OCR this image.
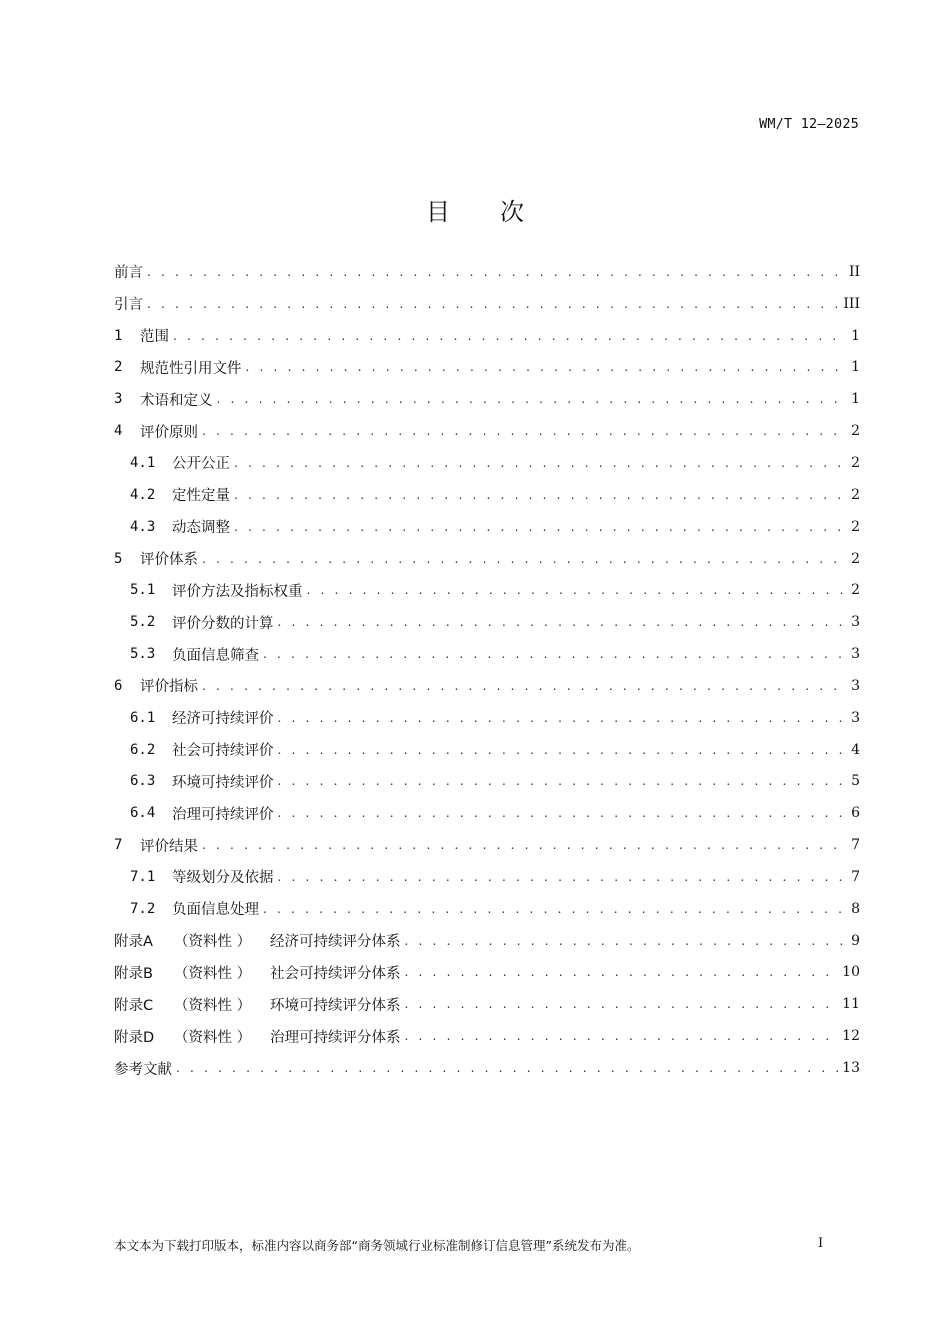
WM/T 12—2025
目次
前言 . . .	II
引言 . . .	III
1	范围 . . .	1
2	规范性引用文件 . . .	1
3	术语和定义 . . .	1
4	评价原则 . . .	2
4.1	公开公正 . . .	2
4.2	定性定量 . . .	2
4.3	动态调整 . . .	2
5	评价体系 . . .	2
5.1	评价方法及指标权重 . . .	2
5.2	评价分数的计算 . . .	3
5.3	负面信息筛查 . . .	3
6	评价指标 . . .	3
6.1	经济可持续评价 . . .	3
6.2	社会可持续评价 . . .	4
6.3	环境可持续评价 . . .	5
6.4	治理可持续评价 . . .	6
7	评价结果 . . .	7
7.1	等级划分及依据 . . .	7
7.2	负面信息处理 . . .	8
附录A	（资料性 ）	经济可持续评分体系 . . .	9
附录B	（资料性 ）	社会可持续评分体系 . . .	10
附录C	（资料性 ）	环境可持续评分体系 . . .	11
附录D	（资料性 ）	治理可持续评分体系 . . .	12
参考文献 . . .	13
本文本为下载打印版本，标准内容以商务部“商务领域行业标准制修订信息管理”系统发布为准。	I
